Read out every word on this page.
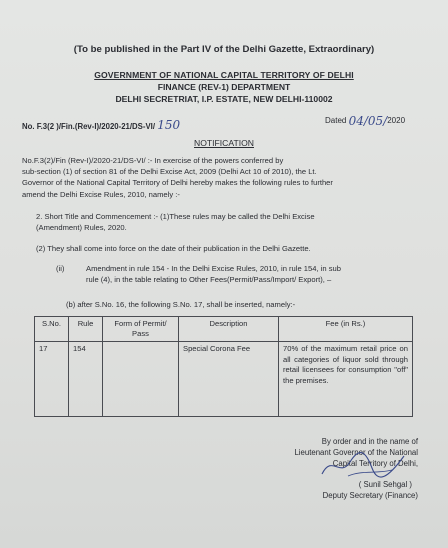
(To be published in the Part IV of the Delhi Gazette, Extraordinary)
GOVERNMENT OF NATIONAL CAPITAL TERRITORY OF DELHI
FINANCE (REV-1) DEPARTMENT
DELHI SECRETRIAT, I.P. ESTATE, NEW DELHI-110002
No. F.3(2 )/Fin.(Rev-I)/2020-21/DS-VI/ 150	Dated 04/05/2020
NOTIFICATION
No.F.3(2)/Fin (Rev-I)/2020-21/DS-VI/ :- In exercise of the powers conferred by
sub-section (1) of section 81 of the Delhi Excise Act, 2009 (Delhi Act 10 of 2010), the Lt.
Governor of the National Capital Territory of Delhi hereby makes the following rules to further
amend the Delhi Excise Rules, 2010, namely :-
2. Short Title and Commencement :- (1)These rules may be called the Delhi Excise
(Amendment) Rules, 2020.
(2) They shall come into force on the date of their publication in the Delhi Gazette.
(ii)	Amendment in rule 154 - In the Delhi Excise Rules, 2010, in rule 154, in sub
rule (4), in the table relating to Other Fees(Permit/Pass/Import/ Export), –
(b) after S.No. 16, the following S.No. 17, shall be inserted, namely:-
S.No.	Rule	Form of Permit/ Pass	Description	Fee (in Rs.)
17	154		Special Corona Fee	70% of the maximum retail price on all categories of liquor sold through retail licensees for consumption "off" the premises.
By order and in the name of
Lieutenant Governor of the National
Capital Territory of Delhi,
( Sunil Sehgal )
Deputy Secretary (Finance)
